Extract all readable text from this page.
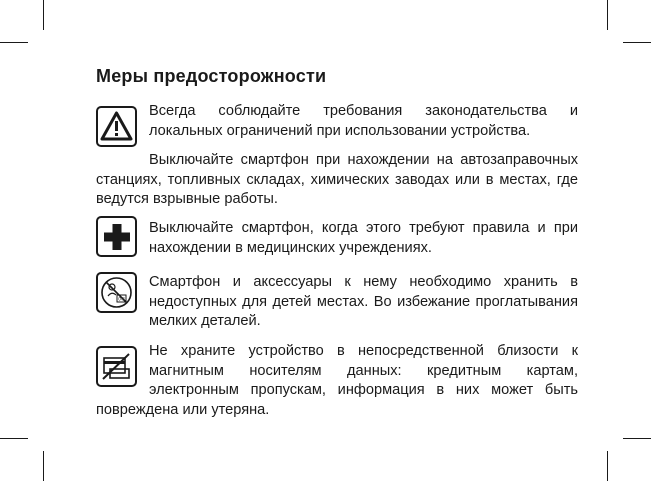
Меры предосторожности
Всегда соблюдайте требования законодательства и локальных ограничений при использовании устройства.
Выключайте смартфон при нахождении на автозаправочных станциях, топливных складах, химических заводах или в местах, где ведутся взрывные работы.
Выключайте смартфон, когда этого требуют правила и при нахождении в медицинских учреждениях.
0-3
Смартфон и аксессуары к нему необходимо хранить в недоступных для детей местах. Во избежание проглатывания мелких деталей.
Не храните устройство в непосредственной близости к магнитным носителям данных: кредитным картам, электронным пропускам, информация в них может быть повреждена или утеряна.
